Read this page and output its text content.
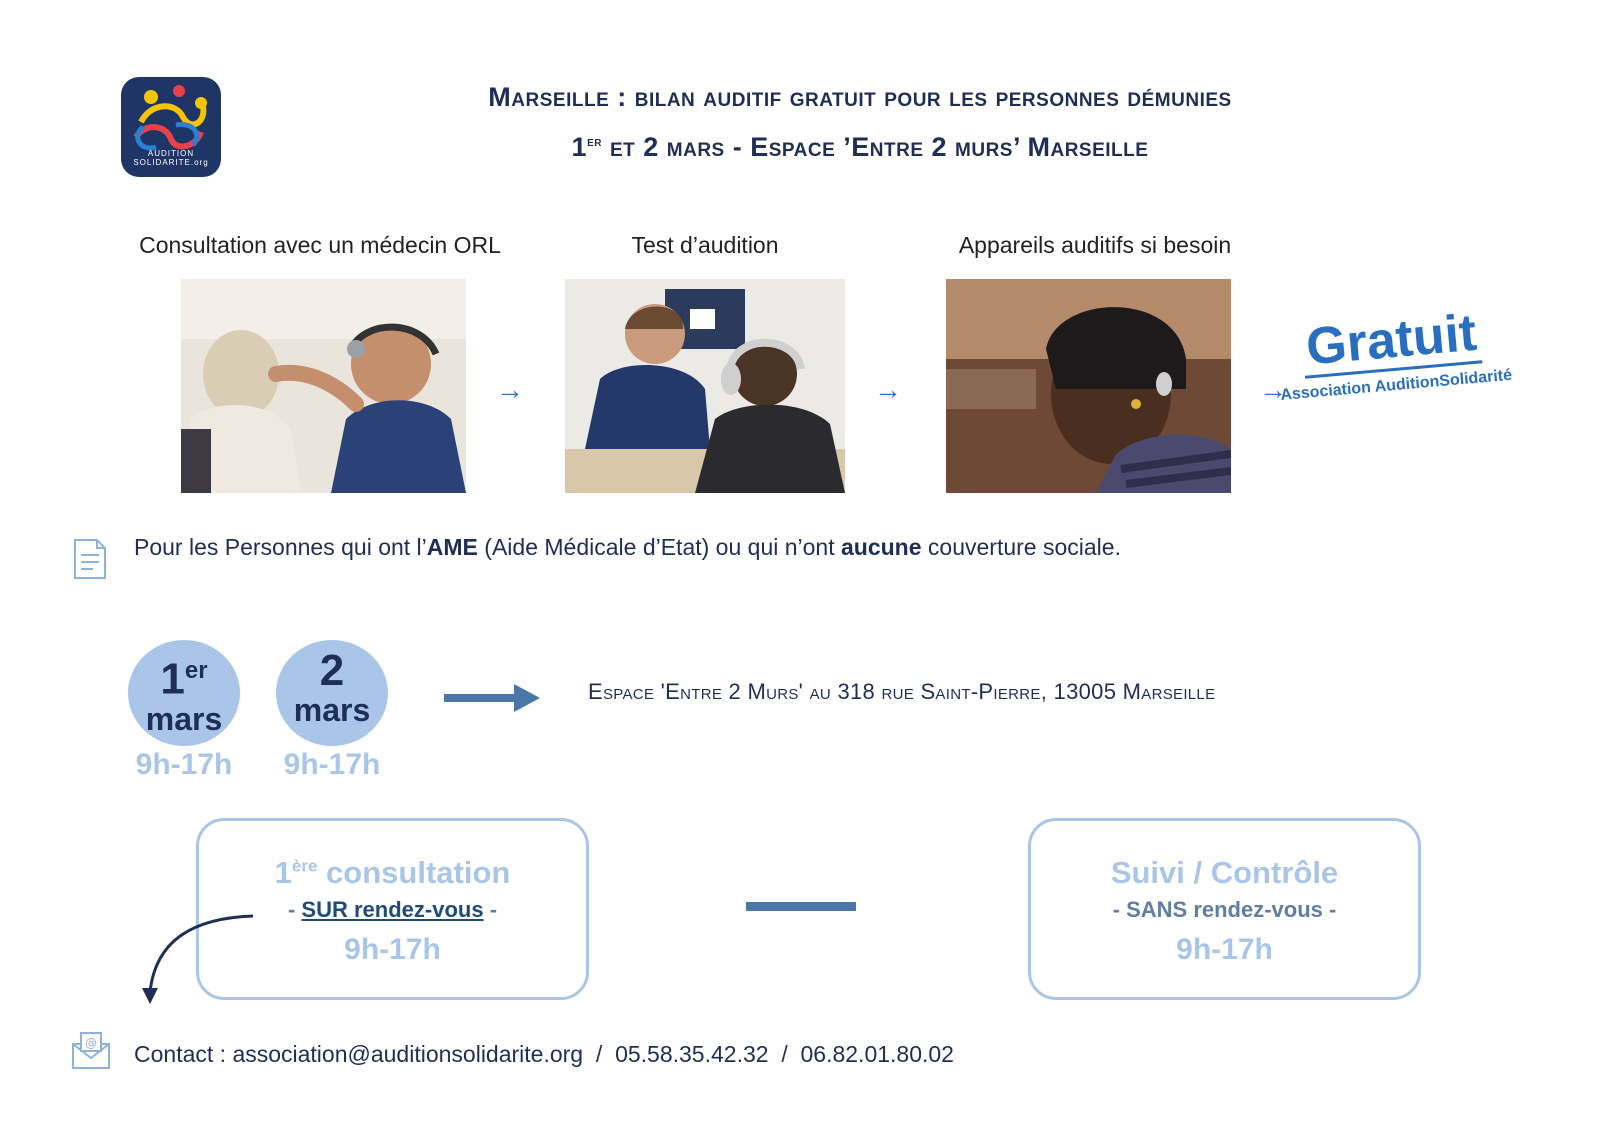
AUDITION
SOLIDARITE.org
Marseille : bilan auditif gratuit pour les personnes démunies
1er et 2 mars - Espace ’Entre 2 murs’ Marseille
Consultation avec un médecin ORL	Test d’audition	Appareils auditifs si besoin
→	→	→
Gratuit
Association AuditionSolidarité
Pour les Personnes qui ont l’AME (Aide Médicale d’Etat) ou qui n’ont aucune couverture sociale.
1er
mars
9h-17h
2
mars
9h-17h
Espace 'Entre 2 Murs' au 318 rue Saint-Pierre, 13005 Marseille
1ère consultation
- SUR rendez-vous -
9h-17h
Suivi / Contrôle
- SANS rendez-vous -
9h-17h
@ Contact : association@auditionsolidarite.org  /  05.58.35.42.32  /  06.82.01.80.02
